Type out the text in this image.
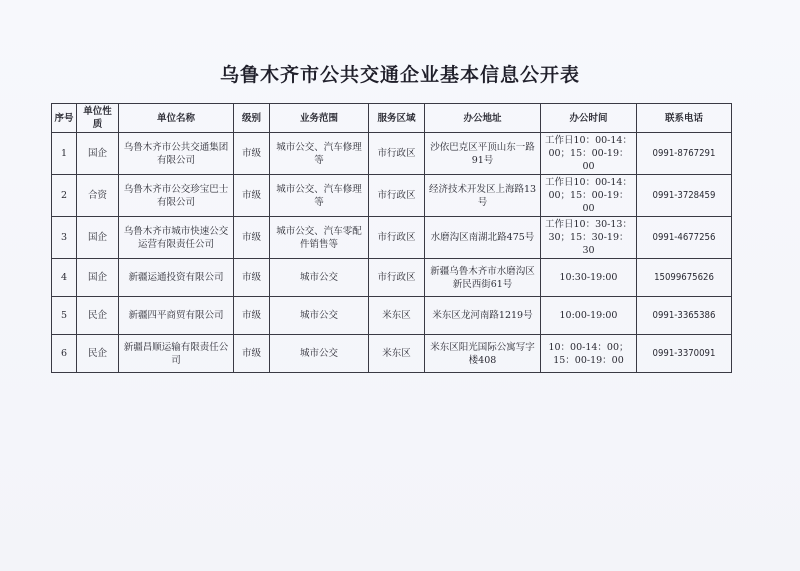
乌鲁木齐市公共交通企业基本信息公开表
序号	单位性质	单位名称	级别	业务范围	服务区域	办公地址	办公时间	联系电话
1	国企	乌鲁木齐市公共交通集团有限公司	市级	城市公交、汽车修理等	市行政区	沙依巴克区平顶山东一路91号	工作日10：00-14：00；15：00-19：00	0991-8767291
2	合资	乌鲁木齐市公交珍宝巴士有限公司	市级	城市公交、汽车修理等	市行政区	经济技术开发区上海路13号	工作日10：00-14：00；15：00-19：00	0991-3728459
3	国企	乌鲁木齐市城市快速公交运营有限责任公司	市级	城市公交、汽车零配件销售等	市行政区	水磨沟区南湖北路475号	工作日10：30-13：30；15：30-19：30	0991-4677256
4	国企	新疆运通投资有限公司	市级	城市公交	市行政区	新疆乌鲁木齐市水磨沟区新民西街61号	10:30-19:00	15099675626
5	民企	新疆四平商贸有限公司	市级	城市公交	米东区	米东区龙河南路1219号	10:00-19:00	0991-3365386
6	民企	新疆昌顺运输有限责任公司	市级	城市公交	米东区	米东区阳光国际公寓写字楼408	10：00-14：00；15：00-19：00	0991-3370091
